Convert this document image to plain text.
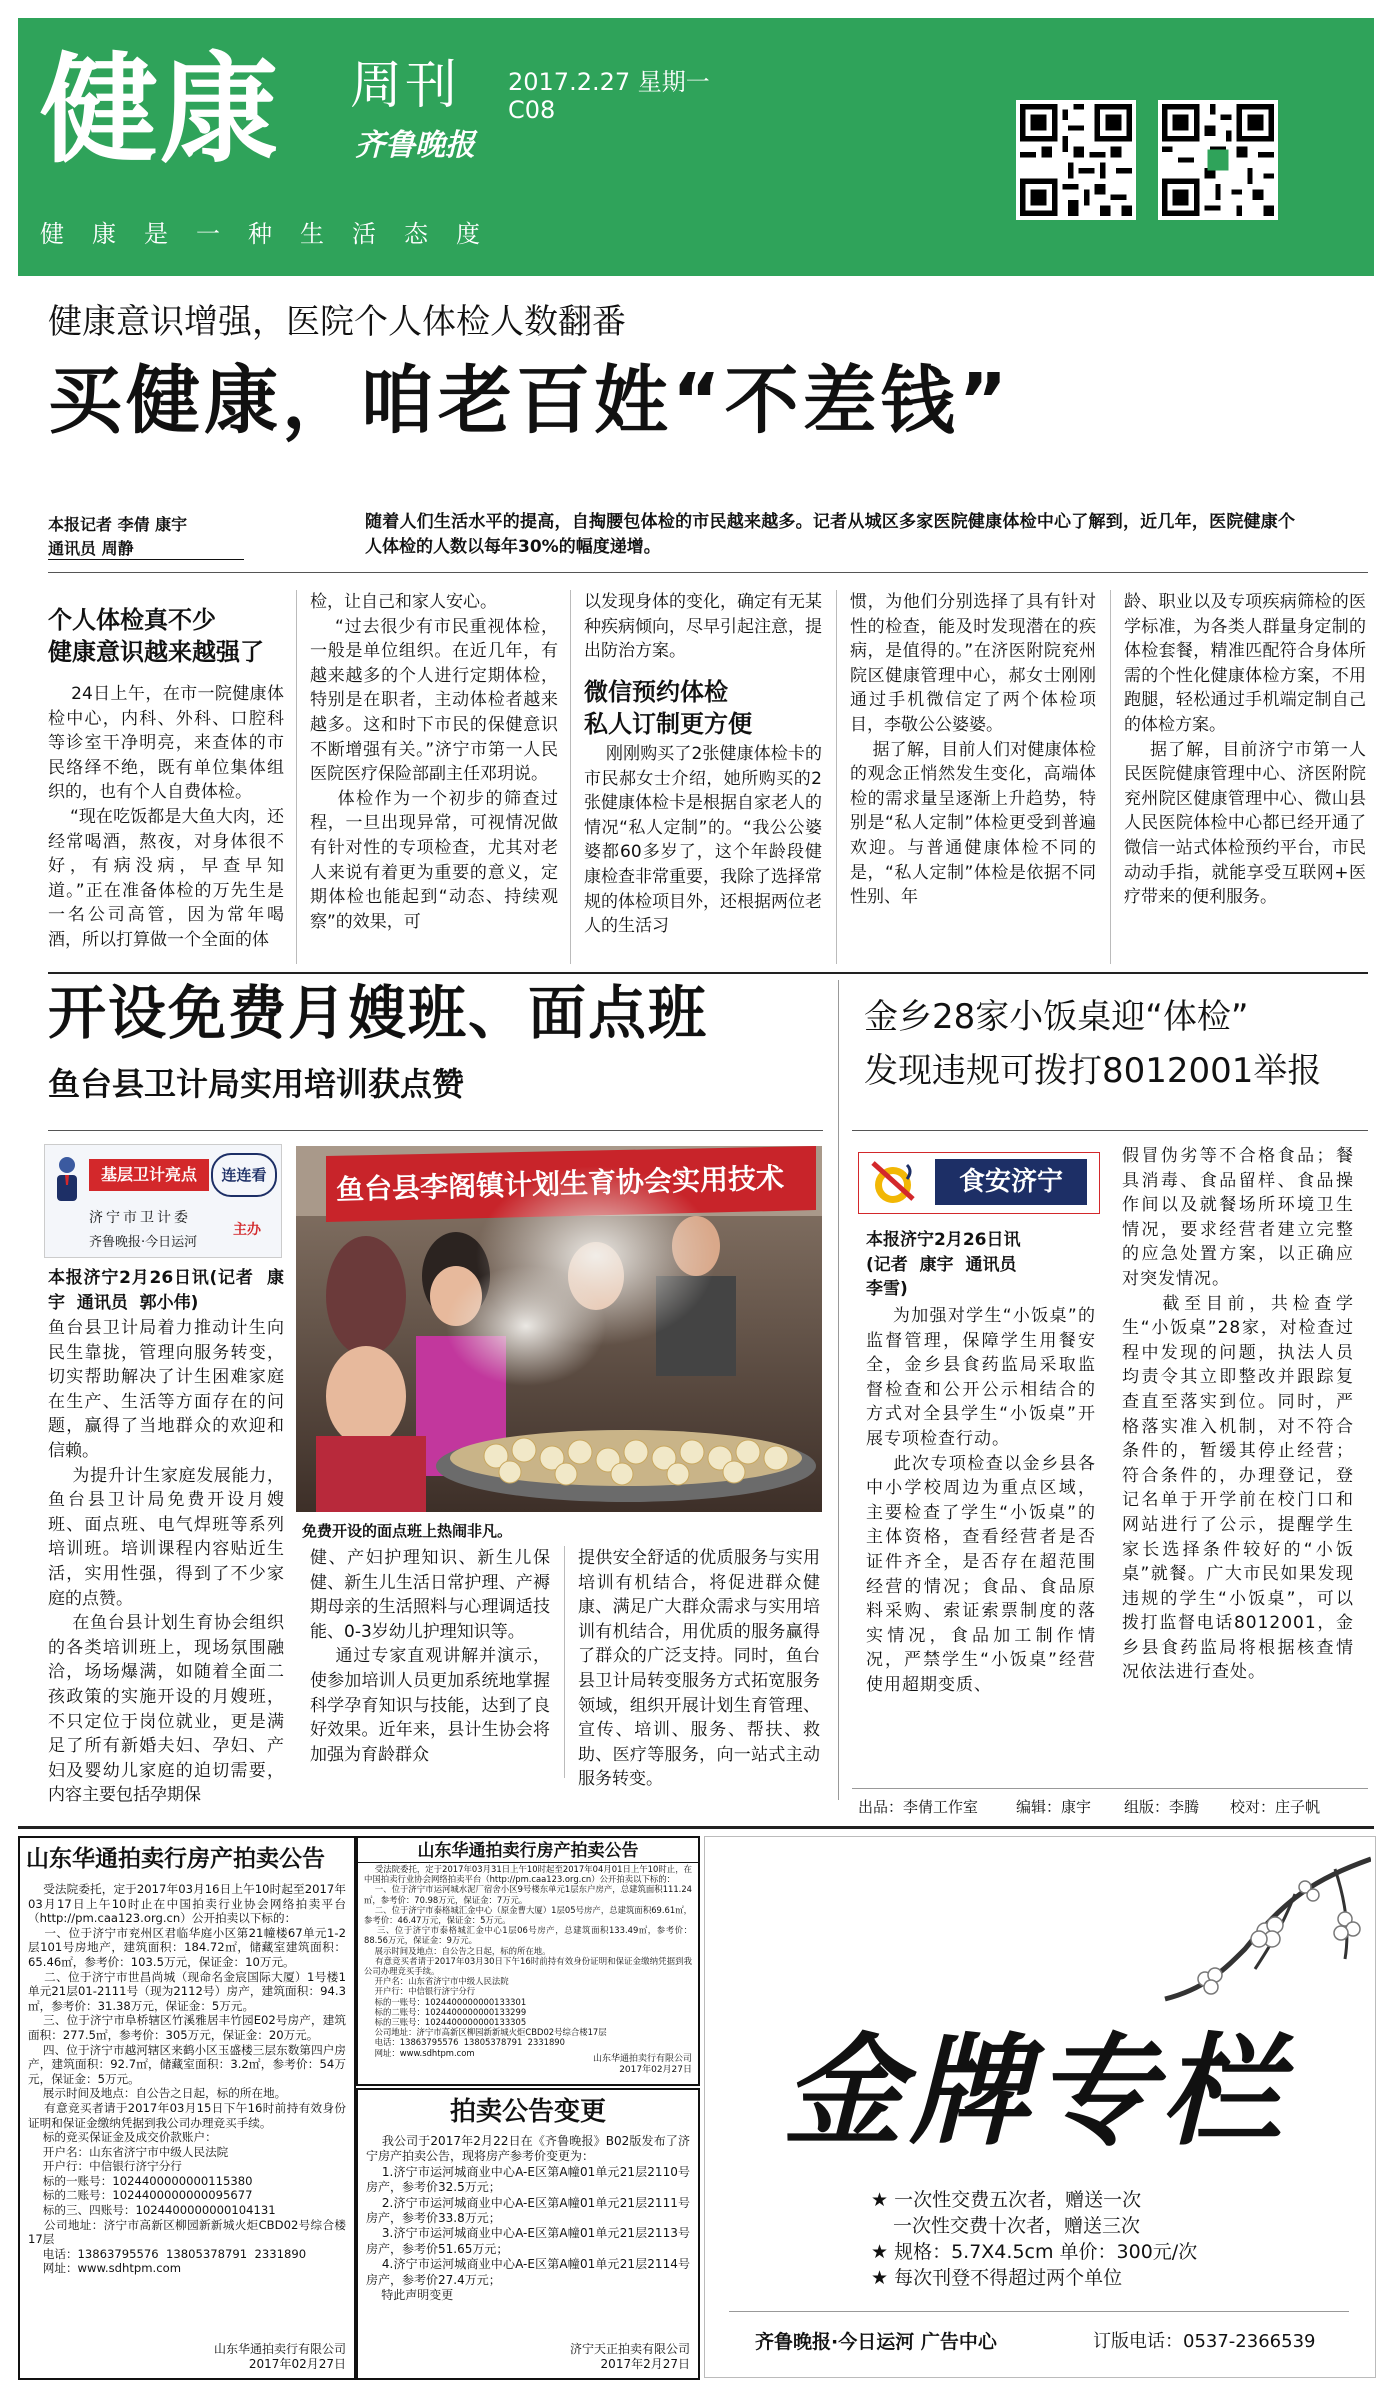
健康 周刊
齐鲁晚报
2017.2.27 星期一
C08
健康是一种生活态度
健康意识增强，医院个人体检人数翻番
买健康，咱老百姓“不差钱”
本报记者 李倩 康宇
通讯员 周静
随着人们生活水平的提高，自掏腰包体检的市民越来越多。记者从城区多家医院健康体检中心了解到，近几年，医院健康个人体检的人数以每年30%的幅度递增。
个人体检真不少
健康意识越来越强了
24日上午，在市一院健康体检中心，内科、外科、口腔科等诊室干净明亮，来查体的市民络绎不绝，既有单位集体组织的，也有个人自费体检。
“现在吃饭都是大鱼大肉，还经常喝酒，熬夜，对身体很不好，有病没病，早查早知道。”正在准备体检的万先生是一名公司高管，因为常年喝酒，所以打算做一个全面的体
检，让自己和家人安心。
“过去很少有市民重视体检，一般是单位组织。在近几年，有越来越多的个人进行定期体检，特别是在职者，主动体检者越来越多。这和时下市民的保健意识不断增强有关。”济宁市第一人民医院医疗保险部副主任邓玥说。
体检作为一个初步的筛查过程，一旦出现异常，可视情况做有针对性的专项检查，尤其对老人来说有着更为重要的意义，定期体检也能起到“动态、持续观察”的效果，可
以发现身体的变化，确定有无某种疾病倾向，尽早引起注意，提出防治方案。
微信预约体检
私人订制更方便
刚刚购买了2张健康体检卡的市民郝女士介绍，她所购买的2张健康体检卡是根据自家老人的情况“私人定制”的。“我公公婆婆都60多岁了，这个年龄段健康检查非常重要，我除了选择常规的体检项目外，还根据两位老人的生活习
惯，为他们分别选择了具有针对性的检查，能及时发现潜在的疾病，是值得的。”在济医附院兖州院区健康管理中心，郝女士刚刚通过手机微信定了两个体检项目，李敬公公婆婆。
据了解，目前人们对健康体检的观念正悄然发生变化，高端体检的需求量呈逐渐上升趋势，特别是“私人定制”体检更受到普遍欢迎。与普通健康体检不同的是，“私人定制”体检是依据不同性别、年
龄、职业以及专项疾病筛检的医学标准，为各类人群量身定制的体检套餐，精准匹配符合身体所需的个性化健康体检方案，不用跑腿，轻松通过手机端定制自己的体检方案。
据了解，目前济宁市第一人民医院健康管理中心、济医附院兖州院区健康管理中心、微山县人民医院体检中心都已经开通了微信一站式体检预约平台，市民动动手指，就能享受互联网+医疗带来的便利服务。
开设免费月嫂班、面点班
鱼台县卫计局实用培训获点赞
基层卫计亮点	连连看
济宁市卫计委
齐鲁晚报·今日运河
主办
鱼台县李阁镇计划生育协会实用技术
免费开设的面点班上热闹非凡。
本报济宁2月26日讯(记者  康宇  通讯员  郭小伟)
鱼台县卫计局着力推动计生向民生靠拢，管理向服务转变，切实帮助解决了计生困难家庭在生产、生活等方面存在的问题，赢得了当地群众的欢迎和信赖。
为提升计生家庭发展能力，鱼台县卫计局免费开设月嫂班、面点班、电气焊班等系列培训班。培训课程内容贴近生活，实用性强，得到了不少家庭的点赞。
在鱼台县计划生育协会组织的各类培训班上，现场氛围融洽，场场爆满，如随着全面二孩政策的实施开设的月嫂班，不只定位于岗位就业，更是满足了所有新婚夫妇、孕妇、产妇及婴幼儿家庭的迫切需要，内容主要包括孕期保
健、产妇护理知识、新生儿保健、新生儿生活日常护理、产褥期母亲的生活照料与心理调适技能、0-3岁幼儿护理知识等。
通过专家直观讲解并演示，使参加培训人员更加系统地掌握科学孕育知识与技能，达到了良好效果。近年来，县计生协会将加强为育龄群众
提供安全舒适的优质服务与实用培训有机结合，将促进群众健康、满足广大群众需求与实用培训有机结合，用优质的服务赢得了群众的广泛支持。同时，鱼台县卫计局转变服务方式拓宽服务领域，组织开展计划生育管理、宣传、培训、服务、帮扶、救助、医疗等服务，向一站式主动服务转变。
金乡28家小饭桌迎“体检”
发现违规可拨打8012001举报
食安济宁
本报济宁2月26日讯
(记者  康宇  通讯员
李雪)
为加强对学生“小饭桌”的监督管理，保障学生用餐安全，金乡县食药监局采取监督检查和公开公示相结合的方式对全县学生“小饭桌”开展专项检查行动。
此次专项检查以金乡县各中小学校周边为重点区域，主要检查了学生“小饭桌”的主体资格，查看经营者是否证件齐全，是否存在超范围经营的情况；食品、食品原料采购、索证索票制度的落实情况，食品加工制作情况，严禁学生“小饭桌”经营使用超期变质、
假冒伪劣等不合格食品；餐具消毒、食品留样、食品操作间以及就餐场所环境卫生情况，要求经营者建立完整的应急处置方案，以正确应对突发情况。
截至目前，共检查学生“小饭桌”28家，对检查过程中发现的问题，执法人员均责令其立即整改并跟踪复查直至落实到位。同时，严格落实准入机制，对不符合条件的，暂缓其停止经营；符合条件的，办理登记，登记名单于开学前在校门口和网站进行了公示，提醒学生家长选择条件较好的“小饭桌”就餐。广大市民如果发现违规的学生“小饭桌”，可以拨打监督电话8012001，金乡县食药监局将根据核查情况依法进行查处。
出品：李倩工作室	编辑：康宇 组版：李腾 校对：庄子帆
山东华通拍卖行房产拍卖公告
受法院委托，定于2017年03月16日上午10时起至2017年03月17日上午10时止在中国拍卖行业协会网络拍卖平台（http://pm.caa123.org.cn）公开拍卖以下标的：
一、位于济宁市兖州区君临华庭小区第21幢楼67单元1-2层101号房地产，建筑面积：184.72㎡，储藏室建筑面积：65.46㎡，参考价：103.5万元，保证金：10万元。
二、位于济宁市世昌尚城（现命名金宸国际大厦）1号楼1单元21层01-2111号（现为2112号）房产，建筑面积：94.3㎡，参考价：31.38万元，保证金：5万元。
三、位于济宁市阜桥辖区竹溪雅居丰竹园E02号房产，建筑面积：277.5㎡，参考价：305万元，保证金：20万元。
四、位于济宁市越河辖区来鹤小区玉盛楼三层东数第四户房产，建筑面积：92.7㎡，储藏室面积：3.2㎡，参考价：54万元，保证金：5万元。
展示时间及地点：自公告之日起，标的所在地。
有意竞买者请于2017年03月15日下午16时前持有效身份证明和保证金缴纳凭据到我公司办理竞买手续。
标的竞买保证金及成交价款账户：
开户名：山东省济宁市中级人民法院
开户行：中信银行济宁分行
标的一账号：1024400000000115380
标的二账号：1024400000000095677
标的三、四账号：1024400000000104131
公司地址：济宁市高新区柳园新新城火炬CBD02号综合楼17层
电话：13863795576  13805378791  2331890
网址：www.sdhtpm.com
山东华通拍卖行有限公司
2017年02月27日
山东华通拍卖行房产拍卖公告
受法院委托，定于2017年03月31日上午10时起至2017年04月01日上午10时止，在中国拍卖行业协会网络拍卖平台（http://pm.caa123.org.cn）公开拍卖以下标的：
一、位于济宁市运河城水泥厂宿舍小区9号楼东单元1层东户房产，总建筑面积111.24㎡，参考价：70.98万元，保证金：7万元。
二、位于济宁市泰格城汇金中心（原金曹大厦）1层05号房产，总建筑面积69.61㎡，参考价：46.47万元，保证金：5万元。
三、位于济宁市泰格城汇金中心1层06号房产，总建筑面积133.49㎡，参考价：88.56万元，保证金：9万元。
展示时间及地点：自公告之日起，标的所在地。
有意竞买者请于2017年03月30日下午16时前持有效身份证明和保证金缴纳凭据到我公司办理竞买手续。
开户名：山东省济宁市中级人民法院
开户行：中信银行济宁分行
标的一账号：1024400000000133301
标的二账号：1024400000000133299
标的三账号：1024400000000133305
公司地址：济宁市高新区柳园新新城火炬CBD02号综合楼17层
电话：13863795576  13805378791  2331890
网址：www.sdhtpm.com
山东华通拍卖行有限公司
2017年02月27日
拍卖公告变更
我公司于2017年2月22日在《齐鲁晚报》B02版发布了济宁房产拍卖公告，现将房产参考价变更为：
1.济宁市运河城商业中心A-E区第A幢01单元21层2110号房产，参考价32.5万元；
2.济宁市运河城商业中心A-E区第A幢01单元21层2111号房产，参考价33.8万元；
3.济宁市运河城商业中心A-E区第A幢01单元21层2113号房产，参考价51.65万元；
4.济宁市运河城商业中心A-E区第A幢01单元21层2114号房产，参考价27.4万元；
特此声明变更
济宁天正拍卖有限公司
2017年2月27日
金牌专栏
★ 一次性交费五次者，赠送一次
一次性交费十次者，赠送三次
★ 规格：5.7X4.5cm 单价：300元/次
★ 每次刊登不得超过两个单位
齐鲁晚报·今日运河 广告中心	订版电话：0537-2366539
